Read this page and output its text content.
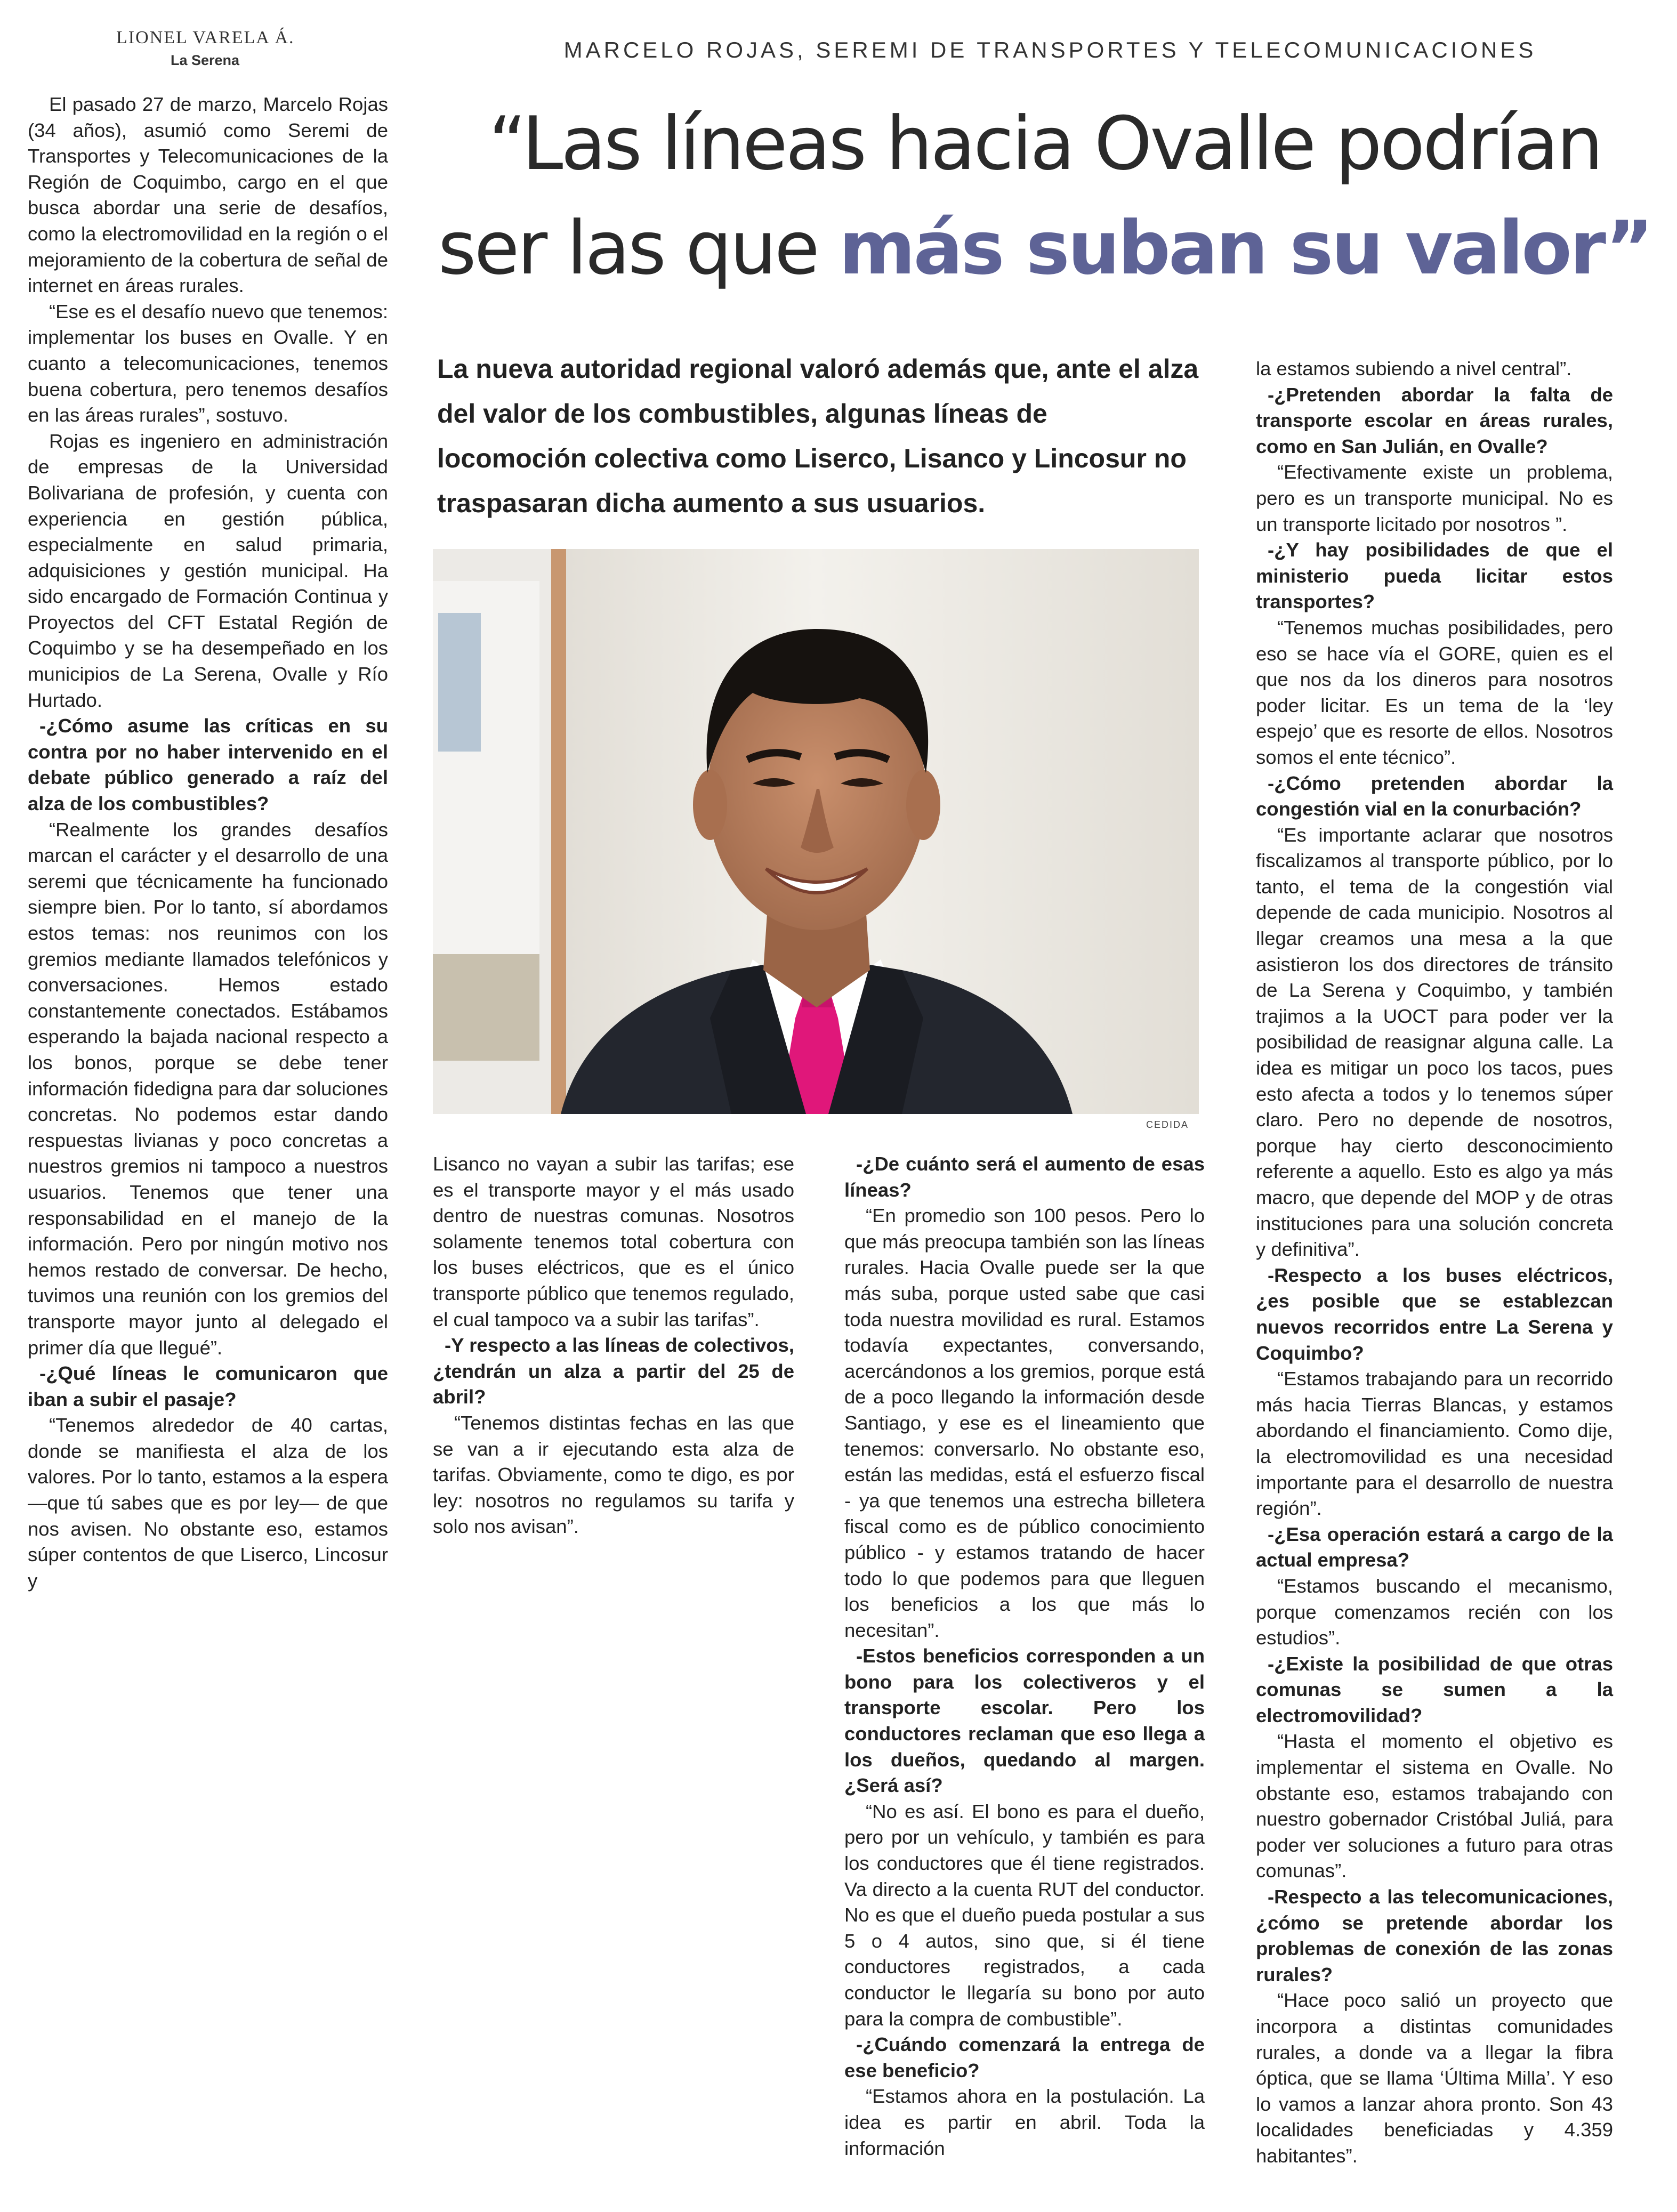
LIONEL VARELA Á.
La Serena	MARCELO ROJAS, SEREMI DE TRANSPORTES Y TELECOMUNICACIONES
“Las líneas hacia Ovalle podrían
ser las que más suban su valor”
La nueva autoridad regional valoró además que, ante el alza del valor de los combustibles, algunas líneas de locomoción colectiva como Liserco, Lisanco y Lincosur no traspasaran dicha aumento a sus usuarios.
CEDIDA

El pasado 27 de marzo, Marcelo Rojas (34 años), asumió como Seremi de Transportes y Telecomunicaciones de la Región de Coquimbo, cargo en el que busca abordar una serie de desafíos, como la electromovilidad en la región o el mejoramiento de la cobertura de señal de internet en áreas rurales.

“Ese es el desafío nuevo que tenemos: implementar los buses en Ovalle. Y en cuanto a telecomunicaciones, tenemos buena cobertura, pero tenemos desafíos en las áreas rurales”, sostuvo.

Rojas es ingeniero en administración de empresas de la Universidad Bolivariana de profesión, y cuenta con experiencia en gestión pública, especialmente en salud primaria, adquisiciones y gestión municipal. Ha sido encargado de Formación Continua y Proyectos del CFT Estatal Región de Coquimbo y se ha desempeñado en los municipios de La Serena, Ovalle y Río Hurtado.

-¿Cómo asume las críticas en su contra por no haber intervenido en el debate público generado a raíz del alza de los combustibles?

“Realmente los grandes desafíos marcan el carácter y el desarrollo de una seremi que técnicamente ha funcionado siempre bien. Por lo tanto, sí abordamos estos temas: nos reunimos con los gremios mediante llamados telefónicos y conversaciones. Hemos estado constantemente conectados. Estábamos esperando la bajada nacional respecto a los bonos, porque se debe tener información fidedigna para dar soluciones concretas. No podemos estar dando respuestas livianas y poco concretas a nuestros gremios ni tampoco a nuestros usuarios. Tenemos que tener una responsabilidad en el manejo de la información. Pero por ningún motivo nos hemos restado de conversar. De hecho, tuvimos una reunión con los gremios del transporte mayor junto al delegado el primer día que llegué”.

-¿Qué líneas le comunicaron que iban a subir el pasaje?

“Tenemos alrededor de 40 cartas, donde se manifiesta el alza de los valores. Por lo tanto, estamos a la espera —que tú sabes que es por ley— de que nos avisen. No obstante eso, estamos súper contentos de que Liserco, Lincosur y

Lisanco no vayan a subir las tarifas; ese es el transporte mayor y el más usado dentro de nuestras comunas. Nosotros solamente tenemos total cobertura con los buses eléctricos, que es el único transporte público que tenemos regulado, el cual tampoco va a subir las tarifas”.

-Y respecto a las líneas de colectivos, ¿tendrán un alza a partir del 25 de abril?

“Tenemos distintas fechas en las que se van a ir ejecutando esta alza de tarifas. Obviamente, como te digo, es por ley: nosotros no regulamos su tarifa y solo nos avisan”.

-¿De cuánto será el aumento de esas líneas?

“En promedio son 100 pesos. Pero lo que más preocupa también son las líneas rurales. Hacia Ovalle puede ser la que más suba, porque usted sabe que casi toda nuestra movilidad es rural. Estamos todavía expectantes, conversando, acercándonos a los gremios, porque está de a poco llegando la información desde Santiago, y ese es el lineamiento que tenemos: conversarlo. No obstante eso, están las medidas, está el esfuerzo fiscal - ya que tenemos una estrecha billetera fiscal como es de público conocimiento público - y estamos tratando de hacer todo lo que podemos para que lleguen los beneficios a los que más lo necesitan”.

-Estos beneficios corresponden a un bono para los colectiveros y el transporte escolar. Pero los conductores reclaman que eso llega a los dueños, quedando al margen. ¿Será así?

“No es así. El bono es para el dueño, pero por un vehículo, y también es para los conductores que él tiene registrados. Va directo a la cuenta RUT del conductor. No es que el dueño pueda postular a sus 5 o 4 autos, sino que, si él tiene conductores registrados, a cada conductor le llegaría su bono por auto para la compra de combustible”.

-¿Cuándo comenzará la entrega de ese beneficio?

“Estamos ahora en la postulación. La idea es partir en abril. Toda la información

la estamos subiendo a nivel central”.

-¿Pretenden abordar la falta de transporte escolar en áreas rurales, como en San Julián, en Ovalle?

“Efectivamente existe un problema, pero es un transporte municipal. No es un transporte licitado por nosotros ”.

-¿Y hay posibilidades de que el ministerio pueda licitar estos transportes?

“Tenemos muchas posibilidades, pero eso se hace vía el GORE, quien es el que nos da los dineros para nosotros poder licitar. Es un tema de la ‘ley espejo’ que es resorte de ellos. Nosotros somos el ente técnico”.

-¿Cómo pretenden abordar la congestión vial en la conurbación?

“Es importante aclarar que nosotros fiscalizamos al transporte público, por lo tanto, el tema de la congestión vial depende de cada municipio. Nosotros al llegar creamos una mesa a la que asistieron los dos directores de tránsito de La Serena y Coquimbo, y también trajimos a la UOCT para poder ver la posibilidad de reasignar alguna calle. La idea es mitigar un poco los tacos, pues esto afecta a todos y lo tenemos súper claro. Pero no depende de nosotros, porque hay cierto desconocimiento referente a aquello. Esto es algo ya más macro, que depende del MOP y de otras instituciones para una solución concreta y definitiva”.

-Respecto a los buses eléctricos, ¿es posible que se establezcan nuevos recorridos entre La Serena y Coquimbo?

“Estamos trabajando para un recorrido más hacia Tierras Blancas, y estamos abordando el financiamiento. Como dije, la electromovilidad es una necesidad importante para el desarrollo de nuestra región”.

-¿Esa operación estará a cargo de la actual empresa?

“Estamos buscando el mecanismo, porque comenzamos recién con los estudios”.

-¿Existe la posibilidad de que otras comunas se sumen a la electromovilidad?

“Hasta el momento el objetivo es implementar el sistema en Ovalle. No obstante eso, estamos trabajando con nuestro gobernador Cristóbal Juliá, para poder ver soluciones a futuro para otras comunas”.

-Respecto a las telecomunicaciones, ¿cómo se pretende abordar los problemas de conexión de las zonas rurales?

“Hace poco salió un proyecto que incorpora a distintas comunidades rurales, a donde va a llegar la fibra óptica, que se llama ‘Última Milla’. Y eso lo vamos a lanzar ahora pronto. Son 43 localidades beneficiadas y 4.359 habitantes”.
